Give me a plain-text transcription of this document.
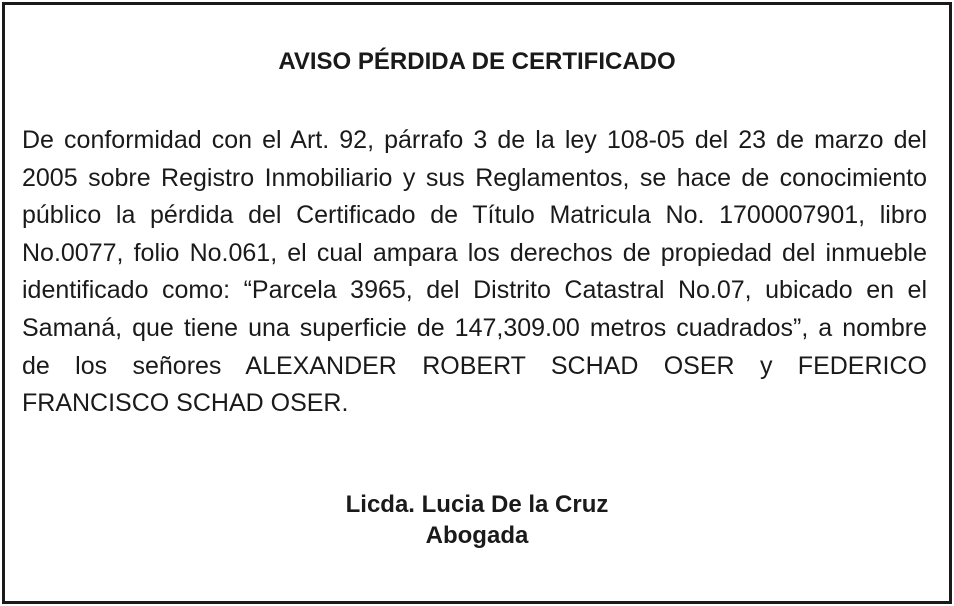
AVISO PÉRDIDA DE CERTIFICADO

De conformidad con el Art. 92, párrafo 3 de la ley 108-05 del 23 de marzo del 2005 sobre Registro Inmobiliario y sus Reglamentos, se hace de conocimiento público la pérdida del Certificado de Título Matricula No. 1700007901, libro No.0077, folio No.061, el cual ampara los derechos de propiedad del inmueble identificado como: “Parcela 3965, del Distrito Catastral No.07, ubicado en el Samaná, que tiene una superficie de 147,309.00 metros cuadrados”, a nombre de los señores ALEXANDER ROBERT SCHAD OSER y FEDERICO FRANCISCO SCHAD OSER.

Licda. Lucia De la Cruz
Abogada
